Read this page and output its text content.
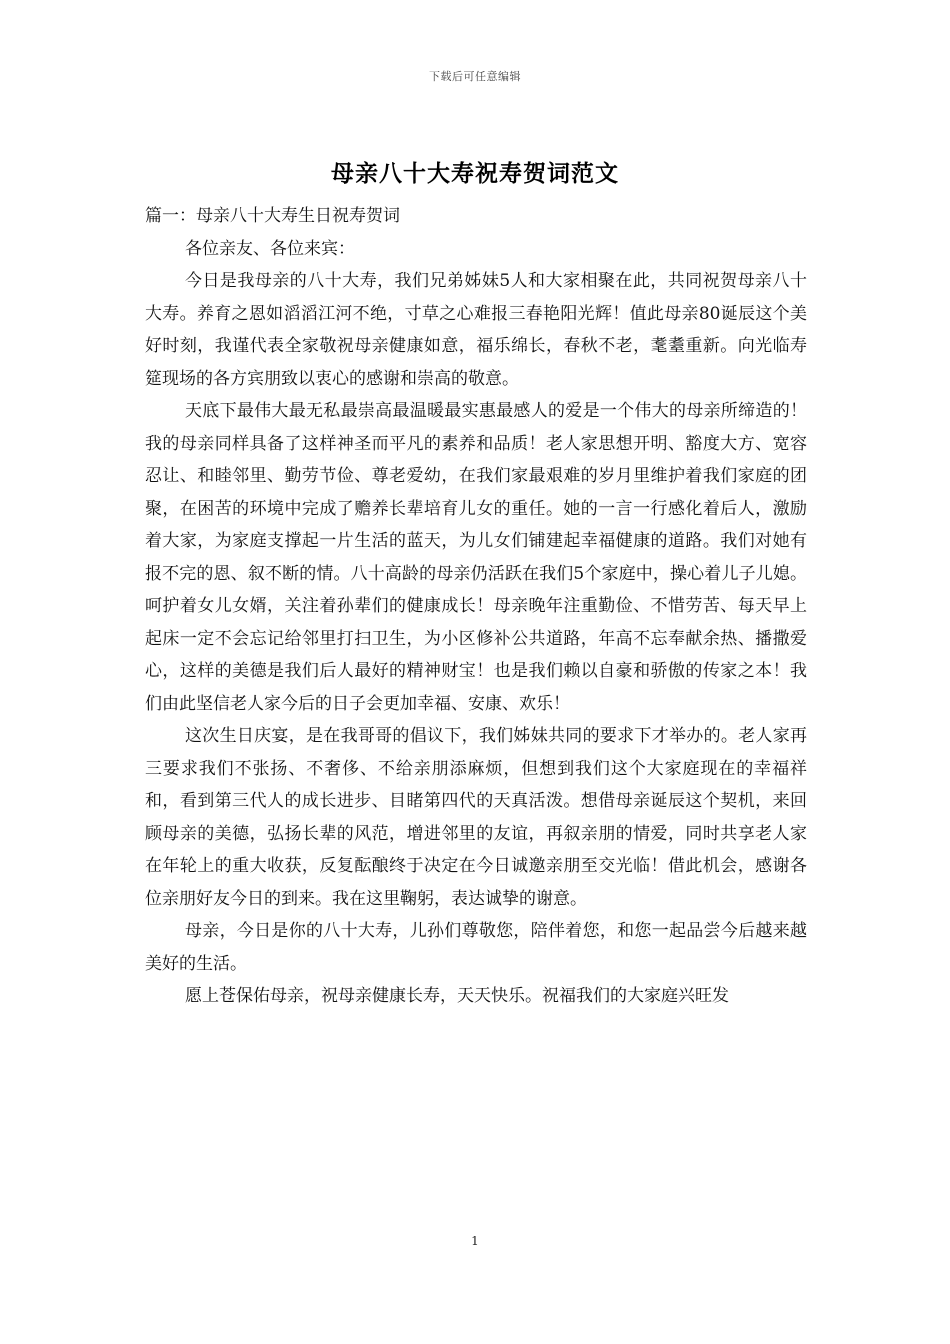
下载后可任意编辑
母亲八十大寿祝寿贺词范文

篇一：母亲八十大寿生日祝寿贺词

各位亲友、各位来宾：

今日是我母亲的八十大寿，我们兄弟姊妹5人和大家相聚在此，共同祝贺母亲八十大寿。养育之恩如滔滔江河不绝，寸草之心难报三春艳阳光辉！值此母亲80诞辰这个美好时刻，我谨代表全家敬祝母亲健康如意，福乐绵长，春秋不老，耄耋重新。向光临寿筵现场的各方宾朋致以衷心的感谢和崇高的敬意。

天底下最伟大最无私最崇高最温暖最实惠最感人的爱是一个伟大的母亲所缔造的！我的母亲同样具备了这样神圣而平凡的素养和品质！老人家思想开明、豁度大方、宽容忍让、和睦邻里、勤劳节俭、尊老爱幼，在我们家最艰难的岁月里维护着我们家庭的团聚，在困苦的环境中完成了赡养长辈培育儿女的重任。她的一言一行感化着后人，激励着大家，为家庭支撑起一片生活的蓝天，为儿女们铺建起幸福健康的道路。我们对她有报不完的恩、叙不断的情。八十高龄的母亲仍活跃在我们5个家庭中，操心着儿子儿媳。呵护着女儿女婿，关注着孙辈们的健康成长！母亲晚年注重勤俭、不惜劳苦、每天早上起床一定不会忘记给邻里打扫卫生，为小区修补公共道路，年高不忘奉献余热、播撒爱心，这样的美德是我们后人最好的精神财宝！也是我们赖以自豪和骄傲的传家之本！我们由此坚信老人家今后的日子会更加幸福、安康、欢乐！

这次生日庆宴，是在我哥哥的倡议下，我们姊妹共同的要求下才举办的。老人家再三要求我们不张扬、不奢侈、不给亲朋添麻烦，但想到我们这个大家庭现在的幸福祥和，看到第三代人的成长进步、目睹第四代的天真活泼。想借母亲诞辰这个契机，来回顾母亲的美德，弘扬长辈的风范，增进邻里的友谊，再叙亲朋的情爱，同时共享老人家在年轮上的重大收获，反复酝酿终于决定在今日诚邀亲朋至交光临！借此机会，感谢各位亲朋好友今日的到来。我在这里鞠躬，表达诚挚的谢意。

母亲，今日是你的八十大寿，儿孙们尊敬您，陪伴着您，和您一起品尝今后越来越美好的生活。

愿上苍保佑母亲，祝母亲健康长寿，天天快乐。祝福我们的大家庭兴旺发

1
